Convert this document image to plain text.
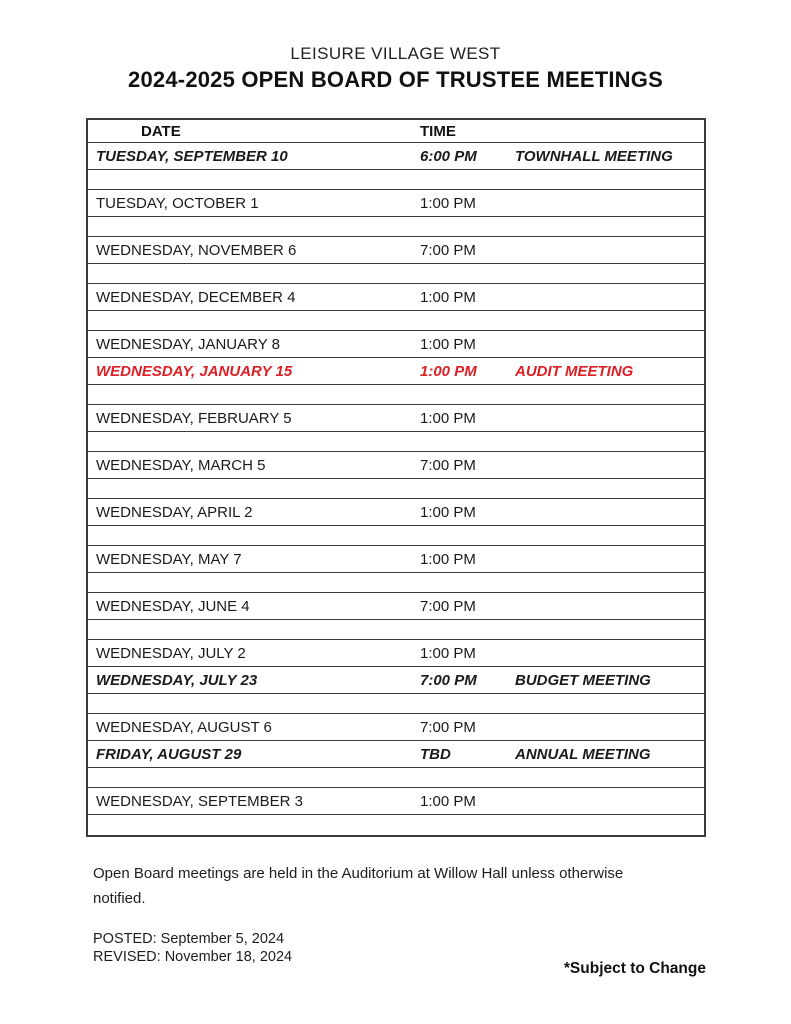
LEISURE VILLAGE WEST
2024-2025 OPEN BOARD OF TRUSTEE MEETINGS
DATE	TIME
TUESDAY, SEPTEMBER 10	6:00 PM	TOWNHALL MEETING
TUESDAY, OCTOBER 1	1:00 PM
WEDNESDAY, NOVEMBER 6	7:00 PM
WEDNESDAY, DECEMBER 4	1:00 PM
WEDNESDAY, JANUARY 8	1:00 PM
WEDNESDAY, JANUARY 15	1:00 PM	AUDIT MEETING
WEDNESDAY, FEBRUARY 5	1:00 PM
WEDNESDAY, MARCH 5	7:00 PM
WEDNESDAY, APRIL 2	1:00 PM
WEDNESDAY, MAY 7	1:00 PM
WEDNESDAY, JUNE 4	7:00 PM
WEDNESDAY, JULY 2	1:00 PM
WEDNESDAY, JULY 23	7:00 PM	BUDGET MEETING
WEDNESDAY, AUGUST 6	7:00 PM
FRIDAY, AUGUST 29	TBD	ANNUAL MEETING
WEDNESDAY, SEPTEMBER 3	1:00 PM
Open Board meetings are held in the Auditorium at Willow Hall unless otherwise notified.
POSTED: September 5, 2024
REVISED: November 18, 2024
*Subject to Change
